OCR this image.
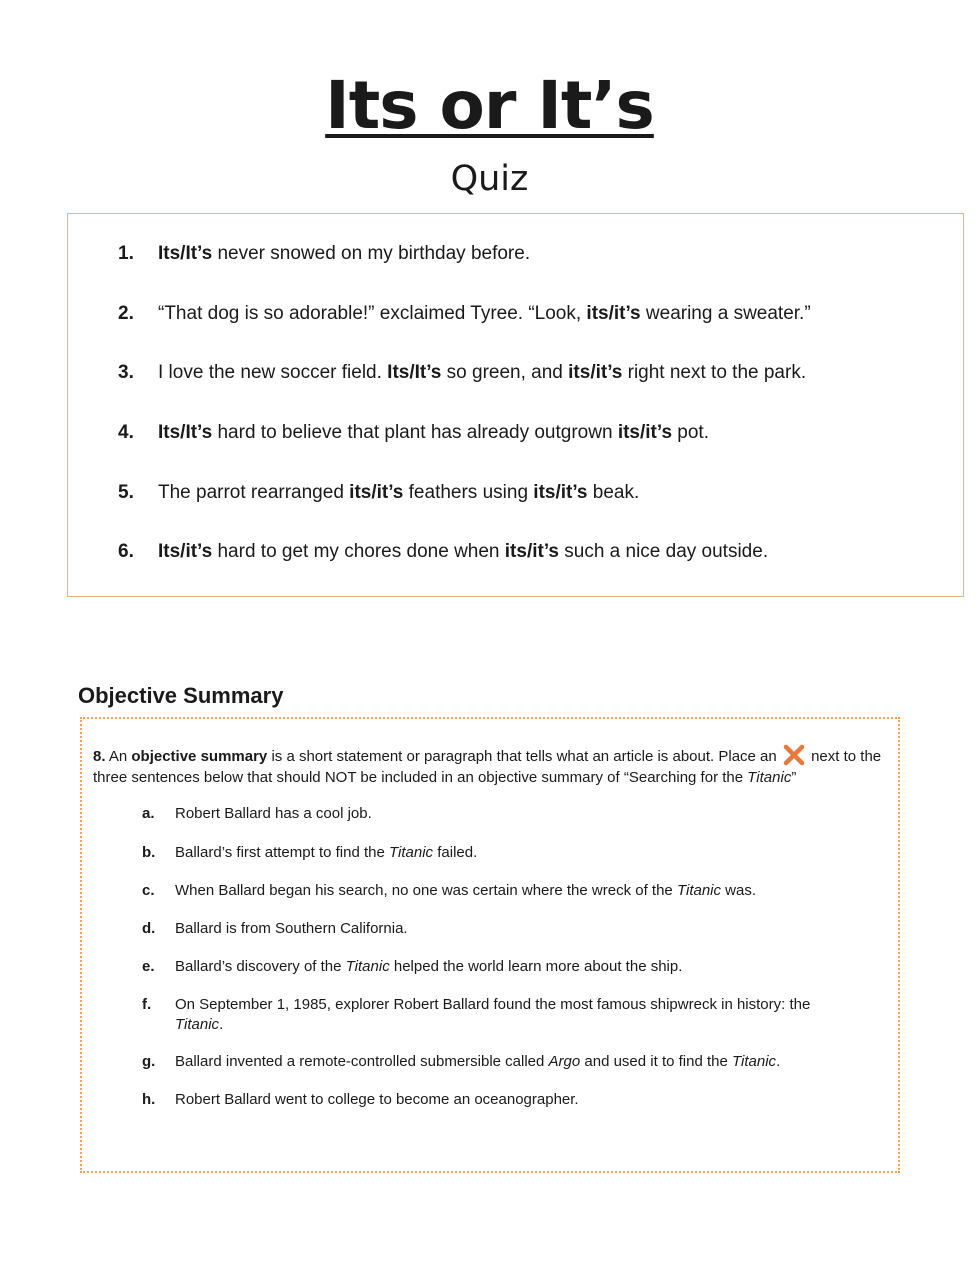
Its or It’s
Quiz
1. Its/It’s never snowed on my birthday before.
2. “That dog is so adorable!” exclaimed Tyree. “Look, its/it’s wearing a sweater.”
3. I love the new soccer field. Its/It’s so green, and its/it’s right next to the park.
4. Its/It’s hard to believe that plant has already outgrown its/it’s pot.
5. The parrot rearranged its/it’s feathers using its/it’s beak.
6. Its/it’s hard to get my chores done when its/it’s such a nice day outside.
Objective Summary
8. An objective summary is a short statement or paragraph that tells what an article is about. Place an  next to the three sentences below that should NOT be included in an objective summary of “Searching for the Titanic”
a. Robert Ballard has a cool job.
b. Ballard’s first attempt to find the Titanic failed.
c. When Ballard began his search, no one was certain where the wreck of the Titanic was.
d. Ballard is from Southern California.
e. Ballard’s discovery of the Titanic helped the world learn more about the ship.
f. On September 1, 1985, explorer Robert Ballard found the most famous shipwreck in history: the
Titanic.
g. Ballard invented a remote-controlled submersible called Argo and used it to find the Titanic.
h. Robert Ballard went to college to become an oceanographer.
